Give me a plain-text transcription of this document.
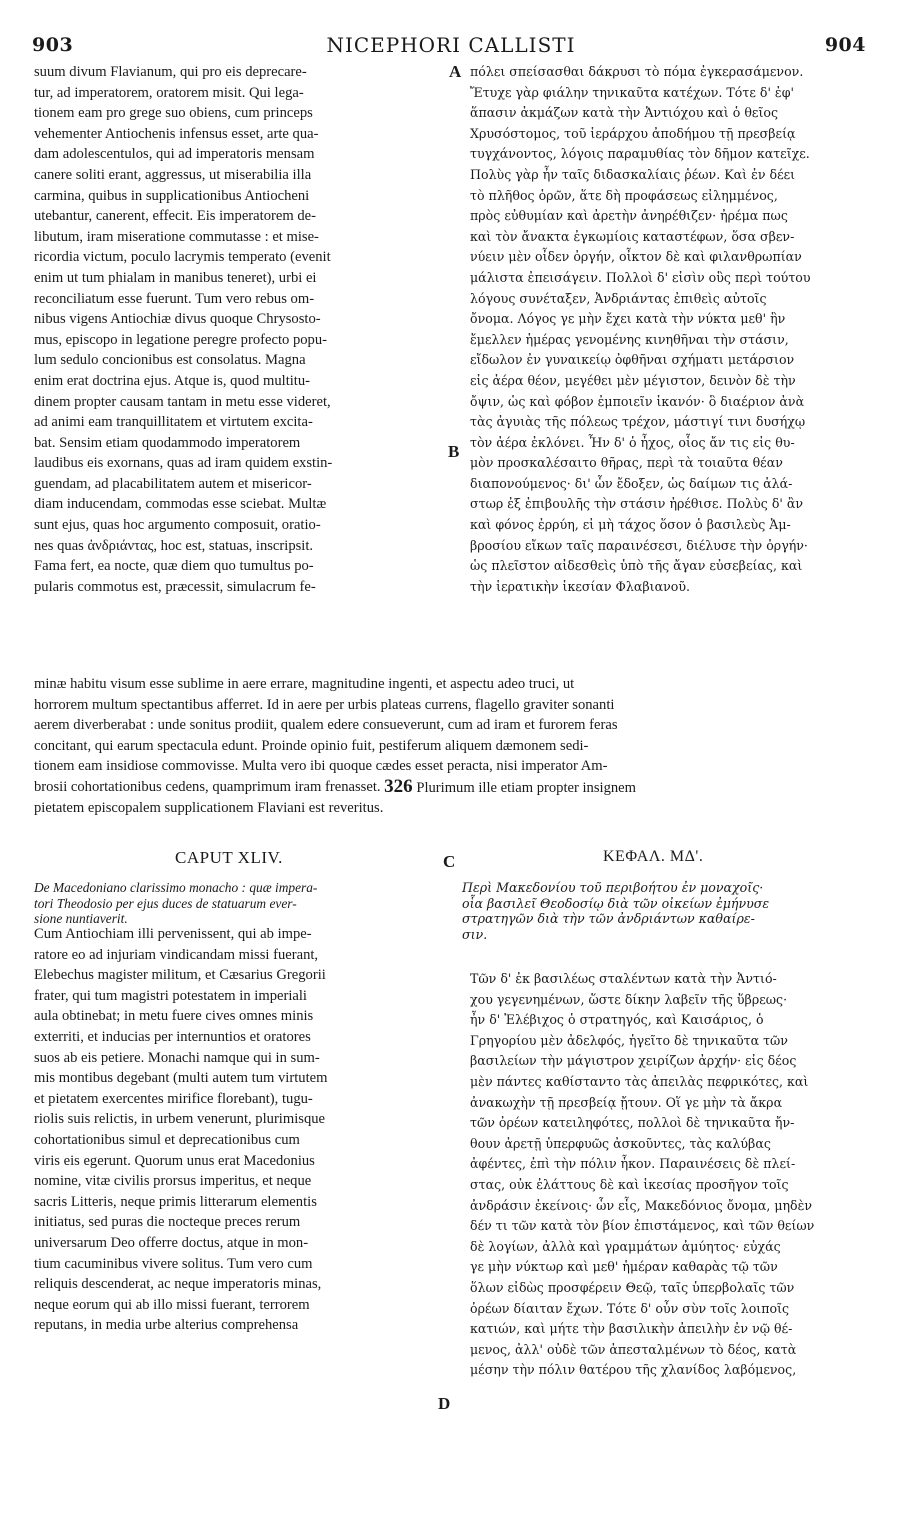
903	NICEPHORI CALLISTI	904
A
B
C
D
suum divum Flavianum, qui pro eis deprecare-
tur, ad imperatorem, oratorem misit. Qui lega-
tionem eam pro grege suo obiens, cum princeps
vehementer Antiochenis infensus esset, arte qua-
dam adolescentulos, qui ad imperatoris mensam
canere soliti erant, aggressus, ut miserabilia illa
carmina, quibus in supplicationibus Antiocheni
utebantur, canerent, effecit. Eis imperatorem de-
libutum, iram miseratione commutasse : et mise-
ricordia victum, poculo lacrymis temperato (evenit
enim ut tum phialam in manibus teneret), urbi ei
reconciliatum esse fuerunt. Tum vero rebus om-
nibus vigens Antiochiæ divus quoque Chrysosto-
mus, episcopo in legatione peregre profecto popu-
lum sedulo concionibus est consolatus. Magna
enim erat doctrina ejus. Atque is, quod multitu-
dinem propter causam tantam in metu esse videret,
ad animi eam tranquillitatem et virtutem excita-
bat. Sensim etiam quodammodo imperatorem
laudibus eis exornans, quas ad iram quidem exstin-
guendam, ad placabilitatem autem et misericor-
diam inducendam, commodas esse sciebat. Multæ
sunt ejus, quas hoc argumento composuit, oratio-
nes quas ἀνδριάντας, hoc est, statuas, inscripsit.
Fama fert, ea nocte, quæ diem quo tumultus po-
pularis commotus est, præcessit, simulacrum fe-
πόλει σπείσασθαι δάκρυσι τὸ πόμα ἐγκερασάμενον.
Ἔτυχε γὰρ φιάλην τηνικαῦτα κατέχων. Τότε δ' ἐφ'
ἅπασιν ἀκμάζων κατὰ τὴν Ἀντιόχου καὶ ὁ θεῖος
Χρυσόστομος, τοῦ ἱεράρχου ἀποδήμου τῇ πρεσβείᾳ
τυγχάνοντος, λόγοις παραμυθίας τὸν δῆμον κατεῖχε.
Πολὺς γὰρ ἦν ταῖς διδασκαλίαις ῥέων. Καὶ ἐν δέει
τὸ πλῆθος ὁρῶν, ἅτε δὴ προφάσεως εἰλημμένος,
πρὸς εὐθυμίαν καὶ ἀρετὴν ἀνηρέθιζεν· ἠρέμα πως
καὶ τὸν ἄνακτα ἐγκωμίοις καταστέφων, ὅσα σβεν-
νύειν μὲν οἶδεν ὀργήν, οἶκτον δὲ καὶ φιλανθρωπίαν
μάλιστα ἐπεισάγειν. Πολλοὶ δ' εἰσὶν οὓς περὶ τούτου
λόγους συνέταξεν, Ἀνδριάντας ἐπιθεὶς αὐτοῖς
ὄνομα. Λόγος γε μὴν ἔχει κατὰ τὴν νύκτα μεθ' ἣν
ἔμελλεν ἡμέρας γενομένης κινηθῆναι τὴν στάσιν,
εἴδωλον ἐν γυναικείῳ ὀφθῆναι σχήματι μετάρσιον
εἰς ἀέρα θέον, μεγέθει μὲν μέγιστον, δεινὸν δὲ τὴν
ὄψιν, ὡς καὶ φόβον ἐμποιεῖν ἱκανόν· ὃ διαέριον ἀνὰ
τὰς ἀγυιὰς τῆς πόλεως τρέχον, μάστιγί τινι δυσήχῳ
τὸν ἀέρα ἐκλόνει. Ἦν δ' ὁ ἦχος, οἷος ἄν τις εἰς θυ-
μὸν προσκαλέσαιτο θῆρας, περὶ τὰ τοιαῦτα θέαν
διαπονούμενος· δι' ὧν ἔδοξεν, ὡς δαίμων τις ἀλά-
στωρ ἐξ ἐπιβουλῆς τὴν στάσιν ἠρέθισε. Πολὺς δ' ἂν
καὶ φόνος ἐρρύη, εἰ μὴ τάχος ὅσον ὁ βασιλεὺς Ἀμ-
βροσίου εἴκων ταῖς παραινέσεσι, διέλυσε τὴν ὀργήν·
ὡς πλεῖστον αἰδεσθεὶς ὑπὸ τῆς ἄγαν εὐσεβείας, καὶ
τὴν ἱερατικὴν ἱκεσίαν Φλαβιανοῦ.
minæ habitu visum esse sublime in aere errare, magnitudine ingenti, et aspectu adeo truci, ut
horrorem multum spectantibus afferret. Id in aere per urbis plateas currens, flagello graviter sonanti
aerem diverberabat : unde sonitus prodiit, qualem edere consueverunt, cum ad iram et furorem feras
concitant, qui earum spectacula edunt. Proinde opinio fuit, pestiferum aliquem dæmonem sedi-
tionem eam insidiose commovisse. Multa vero ibi quoque cædes esset peracta, nisi imperator Am-
brosii cohortationibus cedens, quamprimum iram frenasset. 326 Plurimum ille etiam propter insignem
pietatem episcopalem supplicationem Flaviani est reveritus.
CAPUT XLIV.	ΚΕΦΑΛ. ΜΔ'.
De Macedoniano clarissimo monacho : quæ impera-
tori Theodosio per ejus duces de statuarum ever-
sione nuntiaverit.
Περὶ Μακεδονίου τοῦ περιβοήτου ἐν μοναχοῖς·
οἷα βασιλεῖ Θεοδοσίῳ διὰ τῶν οἰκείων ἐμήνυσε
στρατηγῶν διὰ τὴν τῶν ἀνδριάντων καθαίρε-
σιν.
Cum Antiochiam illi pervenissent, qui ab impe-
ratore eo ad injuriam vindicandam missi fuerant,
Elebechus magister militum, et Cæsarius Gregorii
frater, qui tum magistri potestatem in imperiali
aula obtinebat; in metu fuere cives omnes minis
exterriti, et inducias per internuntios et oratores
suos ab eis petiere. Monachi namque qui in sum-
mis montibus degebant (multi autem tum virtutem
et pietatem exercentes mirifice florebant), tugu-
riolis suis relictis, in urbem venerunt, plurimisque
cohortationibus simul et deprecationibus cum
viris eis egerunt. Quorum unus erat Macedonius
nomine, vitæ civilis prorsus imperitus, et neque
sacris Litteris, neque primis litterarum elementis
initiatus, sed puras die nocteque preces rerum
universarum Deo offerre doctus, atque in mon-
tium cacuminibus vivere solitus. Tum vero cum
reliquis descenderat, ac neque imperatoris minas,
neque eorum qui ab illo missi fuerant, terrorem
reputans, in media urbe alterius comprehensa
Τῶν δ' ἐκ βασιλέως σταλέντων κατὰ τὴν Ἀντιό-
χου γεγενημένων, ὥστε δίκην λαβεῖν τῆς ὕβρεως·
ἦν δ' Ἐλέβιχος ὁ στρατηγός, καὶ Καισάριος, ὁ
Γρηγορίου μὲν ἀδελφός, ἡγεῖτο δὲ τηνικαῦτα τῶν
βασιλείων τὴν μάγιστρον χειρίζων ἀρχήν· εἰς δέος
μὲν πάντες καθίσταντο τὰς ἀπειλὰς πεφρικότες, καὶ
ἀνακωχὴν τῇ πρεσβείᾳ ᾔτουν. Οἵ γε μὴν τὰ ἄκρα
τῶν ὀρέων κατειληφότες, πολλοὶ δὲ τηνικαῦτα ἤν-
θουν ἀρετῇ ὑπερφυῶς ἀσκοῦντες, τὰς καλύβας
ἀφέντες, ἐπὶ τὴν πόλιν ἧκον. Παραινέσεις δὲ πλεί-
στας, οὐκ ἐλάττους δὲ καὶ ἱκεσίας προσῆγον τοῖς
ἀνδράσιν ἐκείνοις· ὧν εἷς, Μακεδόνιος ὄνομα, μηδὲν
δέν τι τῶν κατὰ τὸν βίον ἐπιστάμενος, καὶ τῶν θείων
δὲ λογίων, ἀλλὰ καὶ γραμμάτων ἀμύητος· εὐχάς
γε μὴν νύκτωρ καὶ μεθ' ἡμέραν καθαρὰς τῷ τῶν
ὅλων εἰδὼς προσφέρειν Θεῷ, ταῖς ὑπερβολαῖς τῶν
ὀρέων δίαιταν ἔχων. Τότε δ' οὖν σὺν τοῖς λοιποῖς
κατιών, καὶ μήτε τὴν βασιλικὴν ἀπειλὴν ἐν νῷ θέ-
μενος, ἀλλ' οὐδὲ τῶν ἀπεσταλμένων τὸ δέος, κατὰ
μέσην τὴν πόλιν θατέρου τῆς χλανίδος λαβόμενος,
